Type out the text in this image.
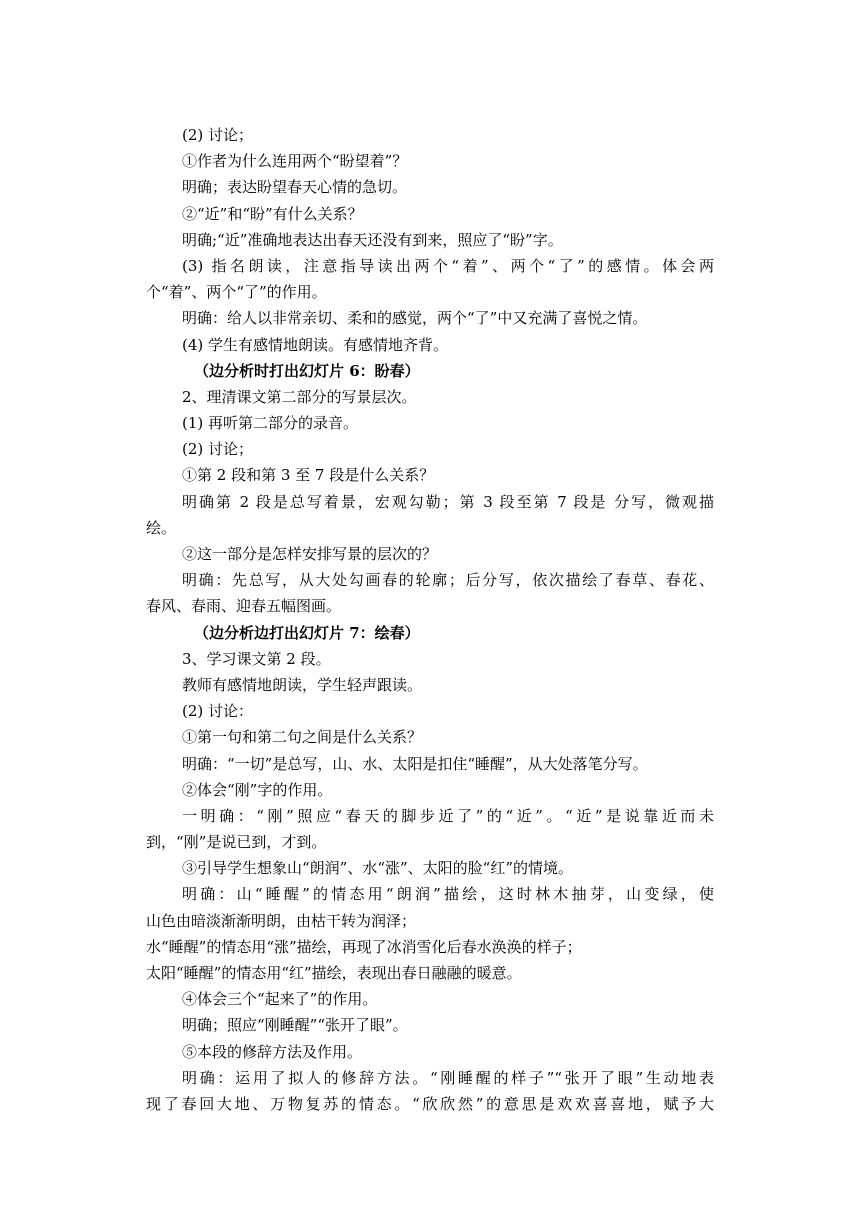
(2) 讨论；
①作者为什么连用两个“盼望着”？
明确；表达盼望春天心情的急切。
②“近”和“盼”有什么关系？
明确;“近”准确地表达出春天还没有到来，照应了“盼”字。
(3) 指名朗读，注意指导读出两个“着”、两个“了”的感情。体会两
个“着”、两个“了”的作用。
明确：给人以非常亲切、柔和的感觉，两个“了”中又充满了喜悦之情。
(4) 学生有感情地朗读。有感情地齐背。
（边分析时打出幻灯片 6：盼春）
2、理清课文第二部分的写景层次。
(1) 再听第二部分的录音。
(2) 讨论；
①第 2 段和第 3 至 7 段是什么关系？
明确第 2 段是总写着景，宏观勾勒；第 3 段至第 7 段是 分写，微观描
绘。
②这一部分是怎样安排写景的层次的？
明确：先总写，从大处勾画春的轮廓；后分写，依次描绘了春草、春花、
春风、春雨、迎春五幅图画。
（边分析边打出幻灯片 7：绘春）
3、学习课文第 2 段。
教师有感情地朗读，学生轻声跟读。
(2) 讨论：
①第一句和第二句之间是什么关系？
明确：“一切”是总写，山、水、太阳是扣住“睡醒”，从大处落笔分写。
②体会“刚”字的作用。
一明确：“刚”照应“春天的脚步近了”的“近”。“近”是说靠近而未
到，“刚”是说已到，才到。
③引导学生想象山“朗润”、水“涨”、太阳的脸“红”的情境。
明确：山“睡醒”的情态用“朗润”描绘，这时林木抽芽，山变绿，使
山色由暗淡渐渐明朗，由枯干转为润泽；
水“睡醒”的情态用“涨”描绘，再现了冰消雪化后春水涣涣的样子；
太阳“睡醒”的情态用“红”描绘，表现出春日融融的暖意。
④体会三个“起来了”的作用。
明确；照应“刚睡醒”“张开了眼”。
⑤本段的修辞方法及作用。
明确：运用了拟人的修辞方法。“刚睡醒的样子”“张开了眼”生动地表
现了春回大地、万物复苏的情态。“欣欣然”的意思是欢欢喜喜地，赋予大
